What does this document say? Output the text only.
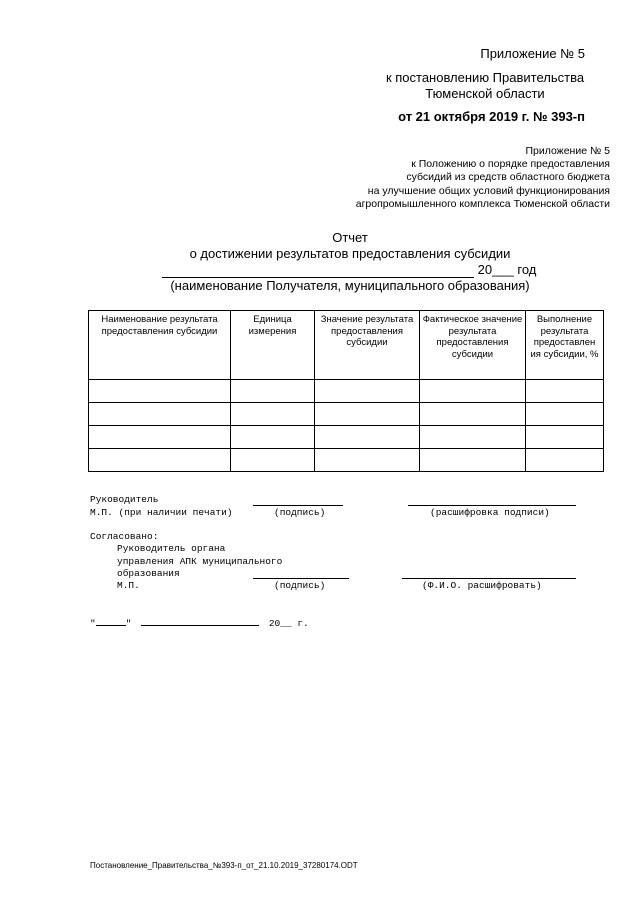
Приложение № 5
к постановлению Правительства
Тюменской области
от 21 октября 2019 г. № 393-п
Приложение № 5
к Положению о порядке предоставления
субсидий из средств областного бюджета
на улучшение общих условий функционирования
агропромышленного комплекса Тюменской области
Отчет
о достижении результатов предоставления субсидии
20___ год
(наименование Получателя, муниципального образования)
Наименование результата предоставления субсидии	Единица измерения	Значение результата предоставления субсидии	Фактическое значение результата предоставления субсидии	Выполнение результата предоставлен ия субсидии, %

Руководитель
М.П. (при наличии печати)	(подпись)	(расшифровка подписи)
Согласовано:
Руководитель органа
управления АПК муниципального
образования
М.П.	(подпись)	(Ф.И.О. расшифровать)
"	"	20__ г.
Постановление_Правительства_№393-п_от_21.10.2019_37280174.ODT
